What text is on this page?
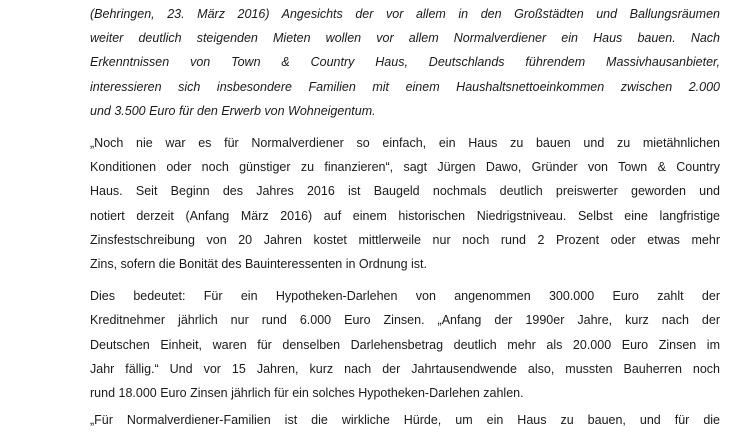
(Behringen, 23. März 2016) Angesichts der vor allem in den Großstädten und Ballungsräumen
weiter deutlich steigenden Mieten wollen vor allem Normalverdiener ein Haus bauen. Nach
Erkenntnissen von Town & Country Haus, Deutschlands führendem Massivhausanbieter,
interessieren sich insbesondere Familien mit einem Haushaltsnettoeinkommen zwischen 2.000
und 3.500 Euro für den Erwerb von Wohneigentum.

„Noch nie war es für Normalverdiener so einfach, ein Haus zu bauen und zu mietähnlichen
Konditionen oder noch günstiger zu finanzieren“, sagt Jürgen Dawo, Gründer von Town & Country
Haus. Seit Beginn des Jahres 2016 ist Baugeld nochmals deutlich preiswerter geworden und
notiert derzeit (Anfang März 2016) auf einem historischen Niedrigstniveau. Selbst eine langfristige
Zinsfestschreibung von 20 Jahren kostet mittlerweile nur noch rund 2 Prozent oder etwas mehr
Zins, sofern die Bonität des Bauinteressenten in Ordnung ist.

Dies bedeutet: Für ein Hypotheken-Darlehen von angenommen 300.000 Euro zahlt der
Kreditnehmer jährlich nur rund 6.000 Euro Zinsen. „Anfang der 1990er Jahre, kurz nach der
Deutschen Einheit, waren für denselben Darlehensbetrag deutlich mehr als 20.000 Euro Zinsen im
Jahr fällig.“ Und vor 15 Jahren, kurz nach der Jahrtausendwende also, mussten Bauherren noch
rund 18.000 Euro Zinsen jährlich für ein solches Hypotheken-Darlehen zahlen.

„Für Normalverdiener-Familien ist die wirkliche Hürde, um ein Haus zu bauen, und für die
